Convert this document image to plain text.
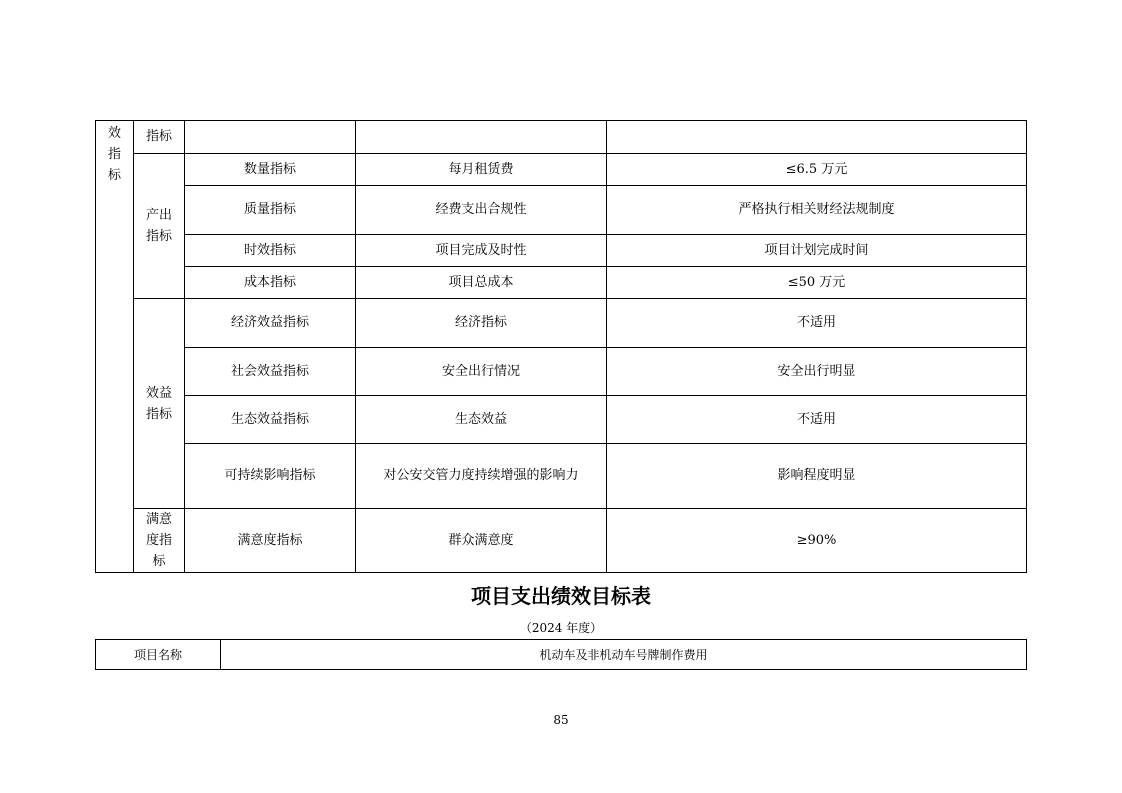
效指标	指标			
	产出指标	数量指标	每月租赁费	≤6.5 万元
		质量指标	经费支出合规性	严格执行相关财经法规制度
		时效指标	项目完成及时性	项目计划完成时间
		成本指标	项目总成本	≤50 万元
	效益指标	经济效益指标	经济指标	不适用
		社会效益指标	安全出行情况	安全出行明显
		生态效益指标	生态效益	不适用
		可持续影响指标	对公安交管力度持续增强的影响力	影响程度明显
	满意度指标	满意度指标	群众满意度	≥90%
项目支出绩效目标表
（2024 年度）
项目名称	机动车及非机动车号牌制作费用
85
